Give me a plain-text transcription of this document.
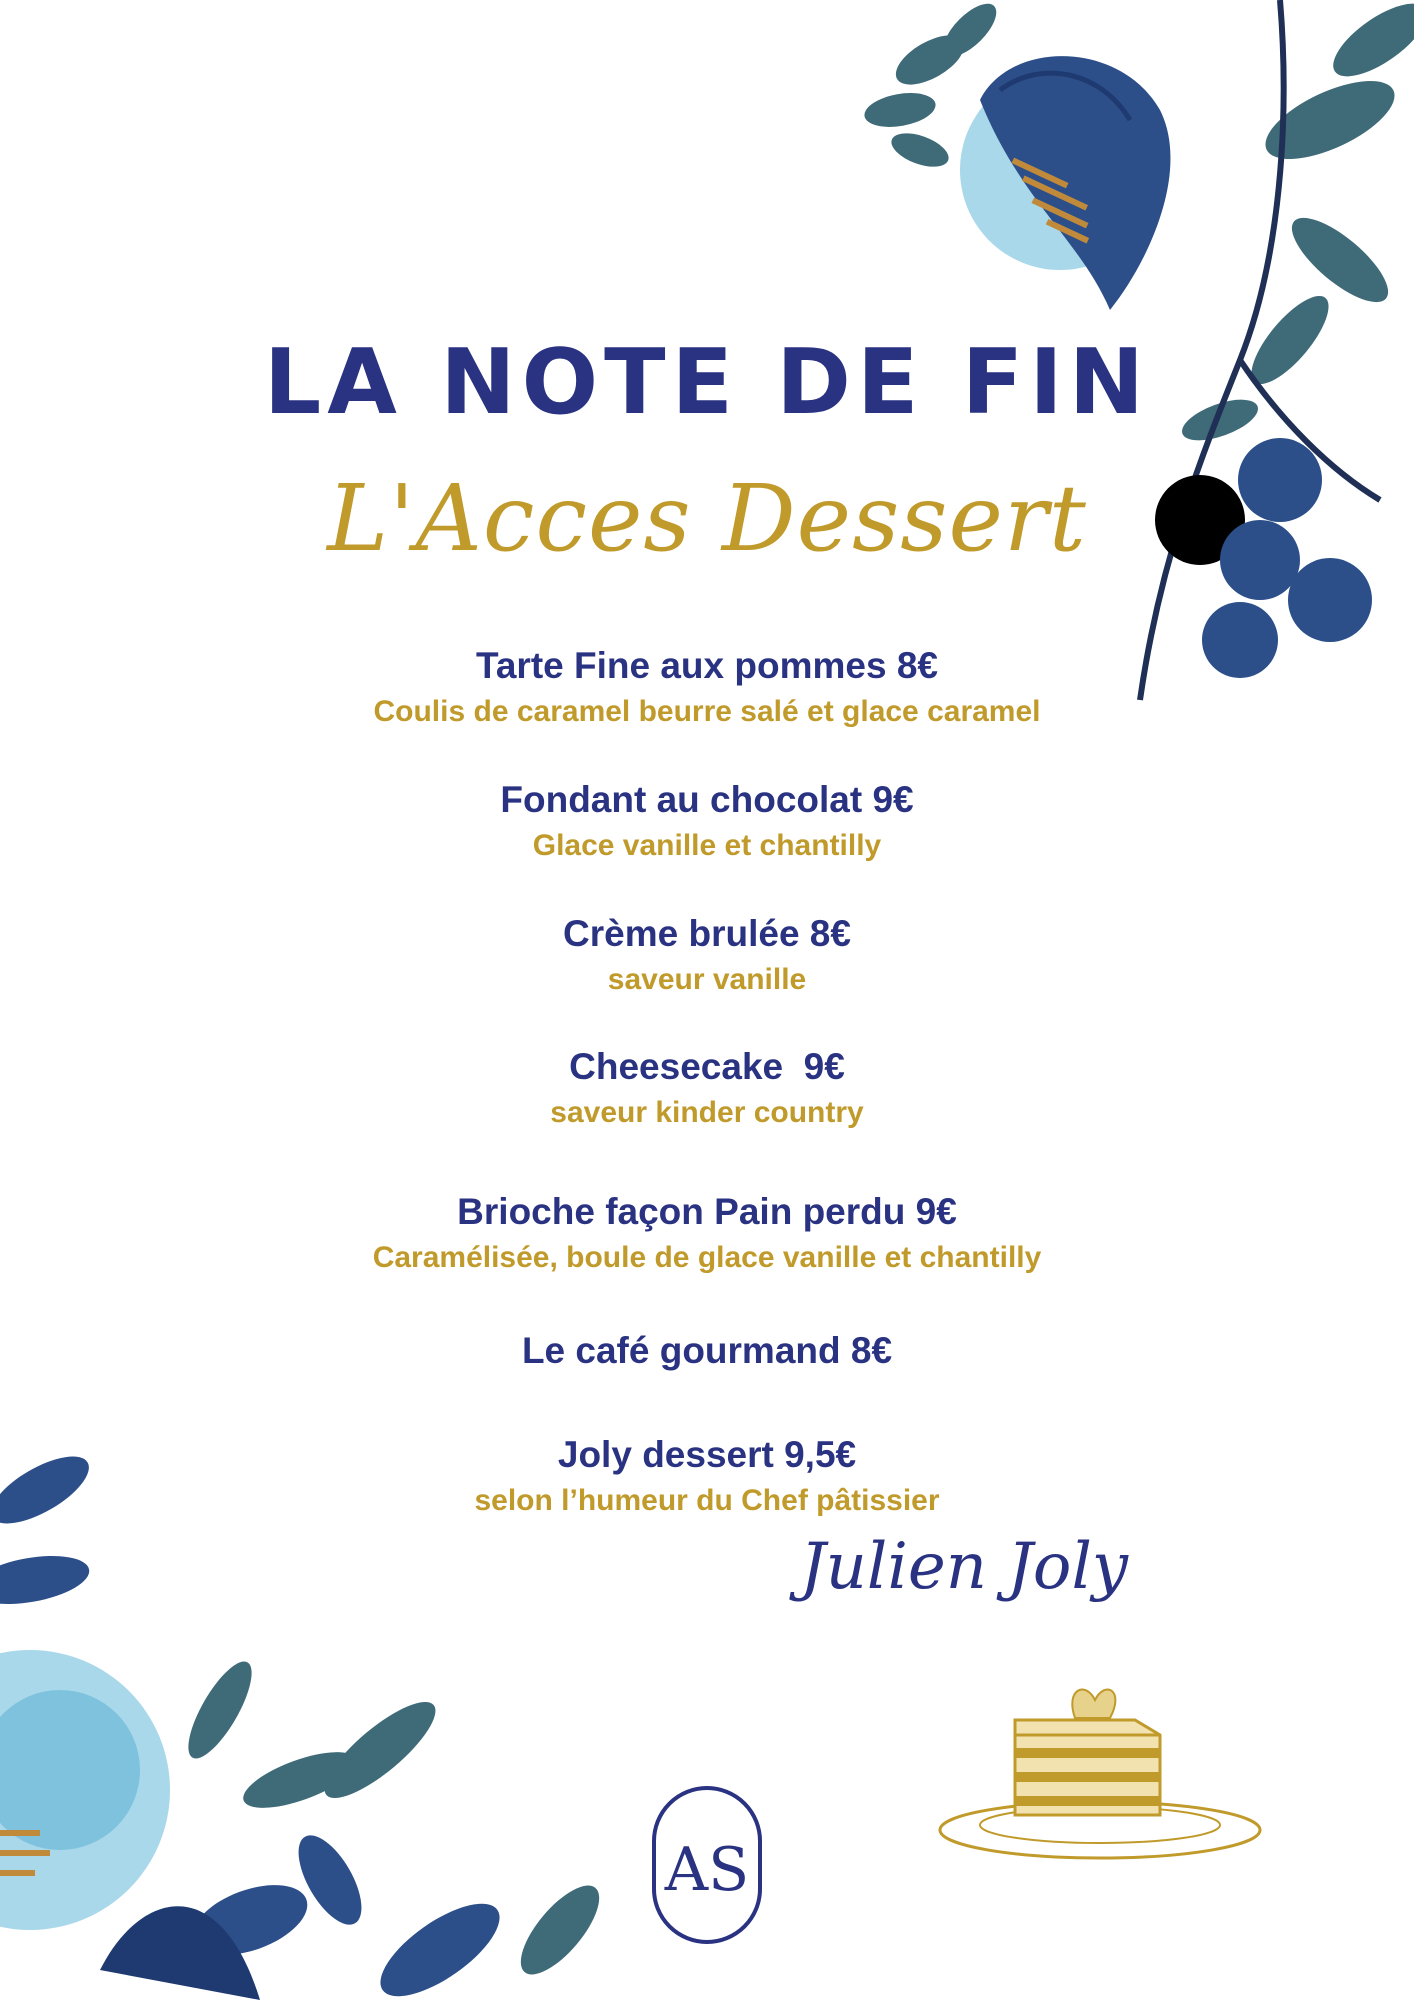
LA NOTE DE FIN
L'Acces Dessert
Tarte Fine aux pommes 8€
Coulis de caramel beurre salé et glace caramel
Fondant au chocolat 9€
Glace vanille et chantilly
Crème brulée 8€
saveur vanille
Cheesecake  9€
saveur kinder country
Brioche façon Pain perdu 9€
Caramélisée, boule de glace vanille et chantilly
Le café gourmand 8€
Joly dessert 9,5€
selon l’humeur du Chef pâtissier
Julien Joly
AS
